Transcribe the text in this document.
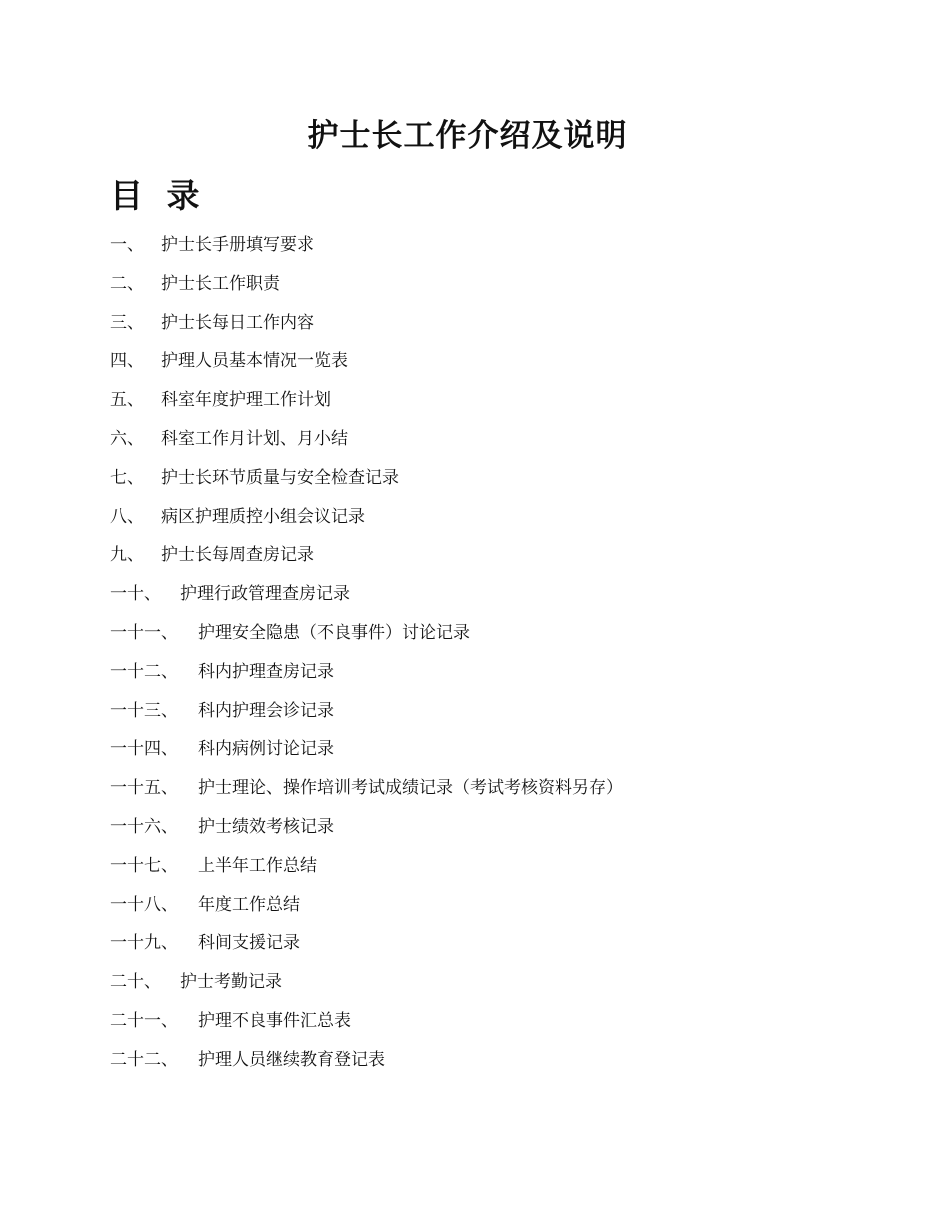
护士长工作介绍及说明
目 录
一、	护士长手册填写要求
二、	护士长工作职责
三、	护士长每日工作内容
四、	护理人员基本情况一览表
五、	科室年度护理工作计划
六、	科室工作月计划、月小结
七、	护士长环节质量与安全检查记录
八、	病区护理质控小组会议记录
九、	护士长每周查房记录
一十、	护理行政管理查房记录
一十一、	护理安全隐患（不良事件）讨论记录
一十二、	科内护理查房记录
一十三、	科内护理会诊记录
一十四、	科内病例讨论记录
一十五、	护士理论、操作培训考试成绩记录（考试考核资料另存）
一十六、	护士绩效考核记录
一十七、	上半年工作总结
一十八、	年度工作总结
一十九、	科间支援记录
二十、	护士考勤记录
二十一、	护理不良事件汇总表
二十二、	护理人员继续教育登记表
